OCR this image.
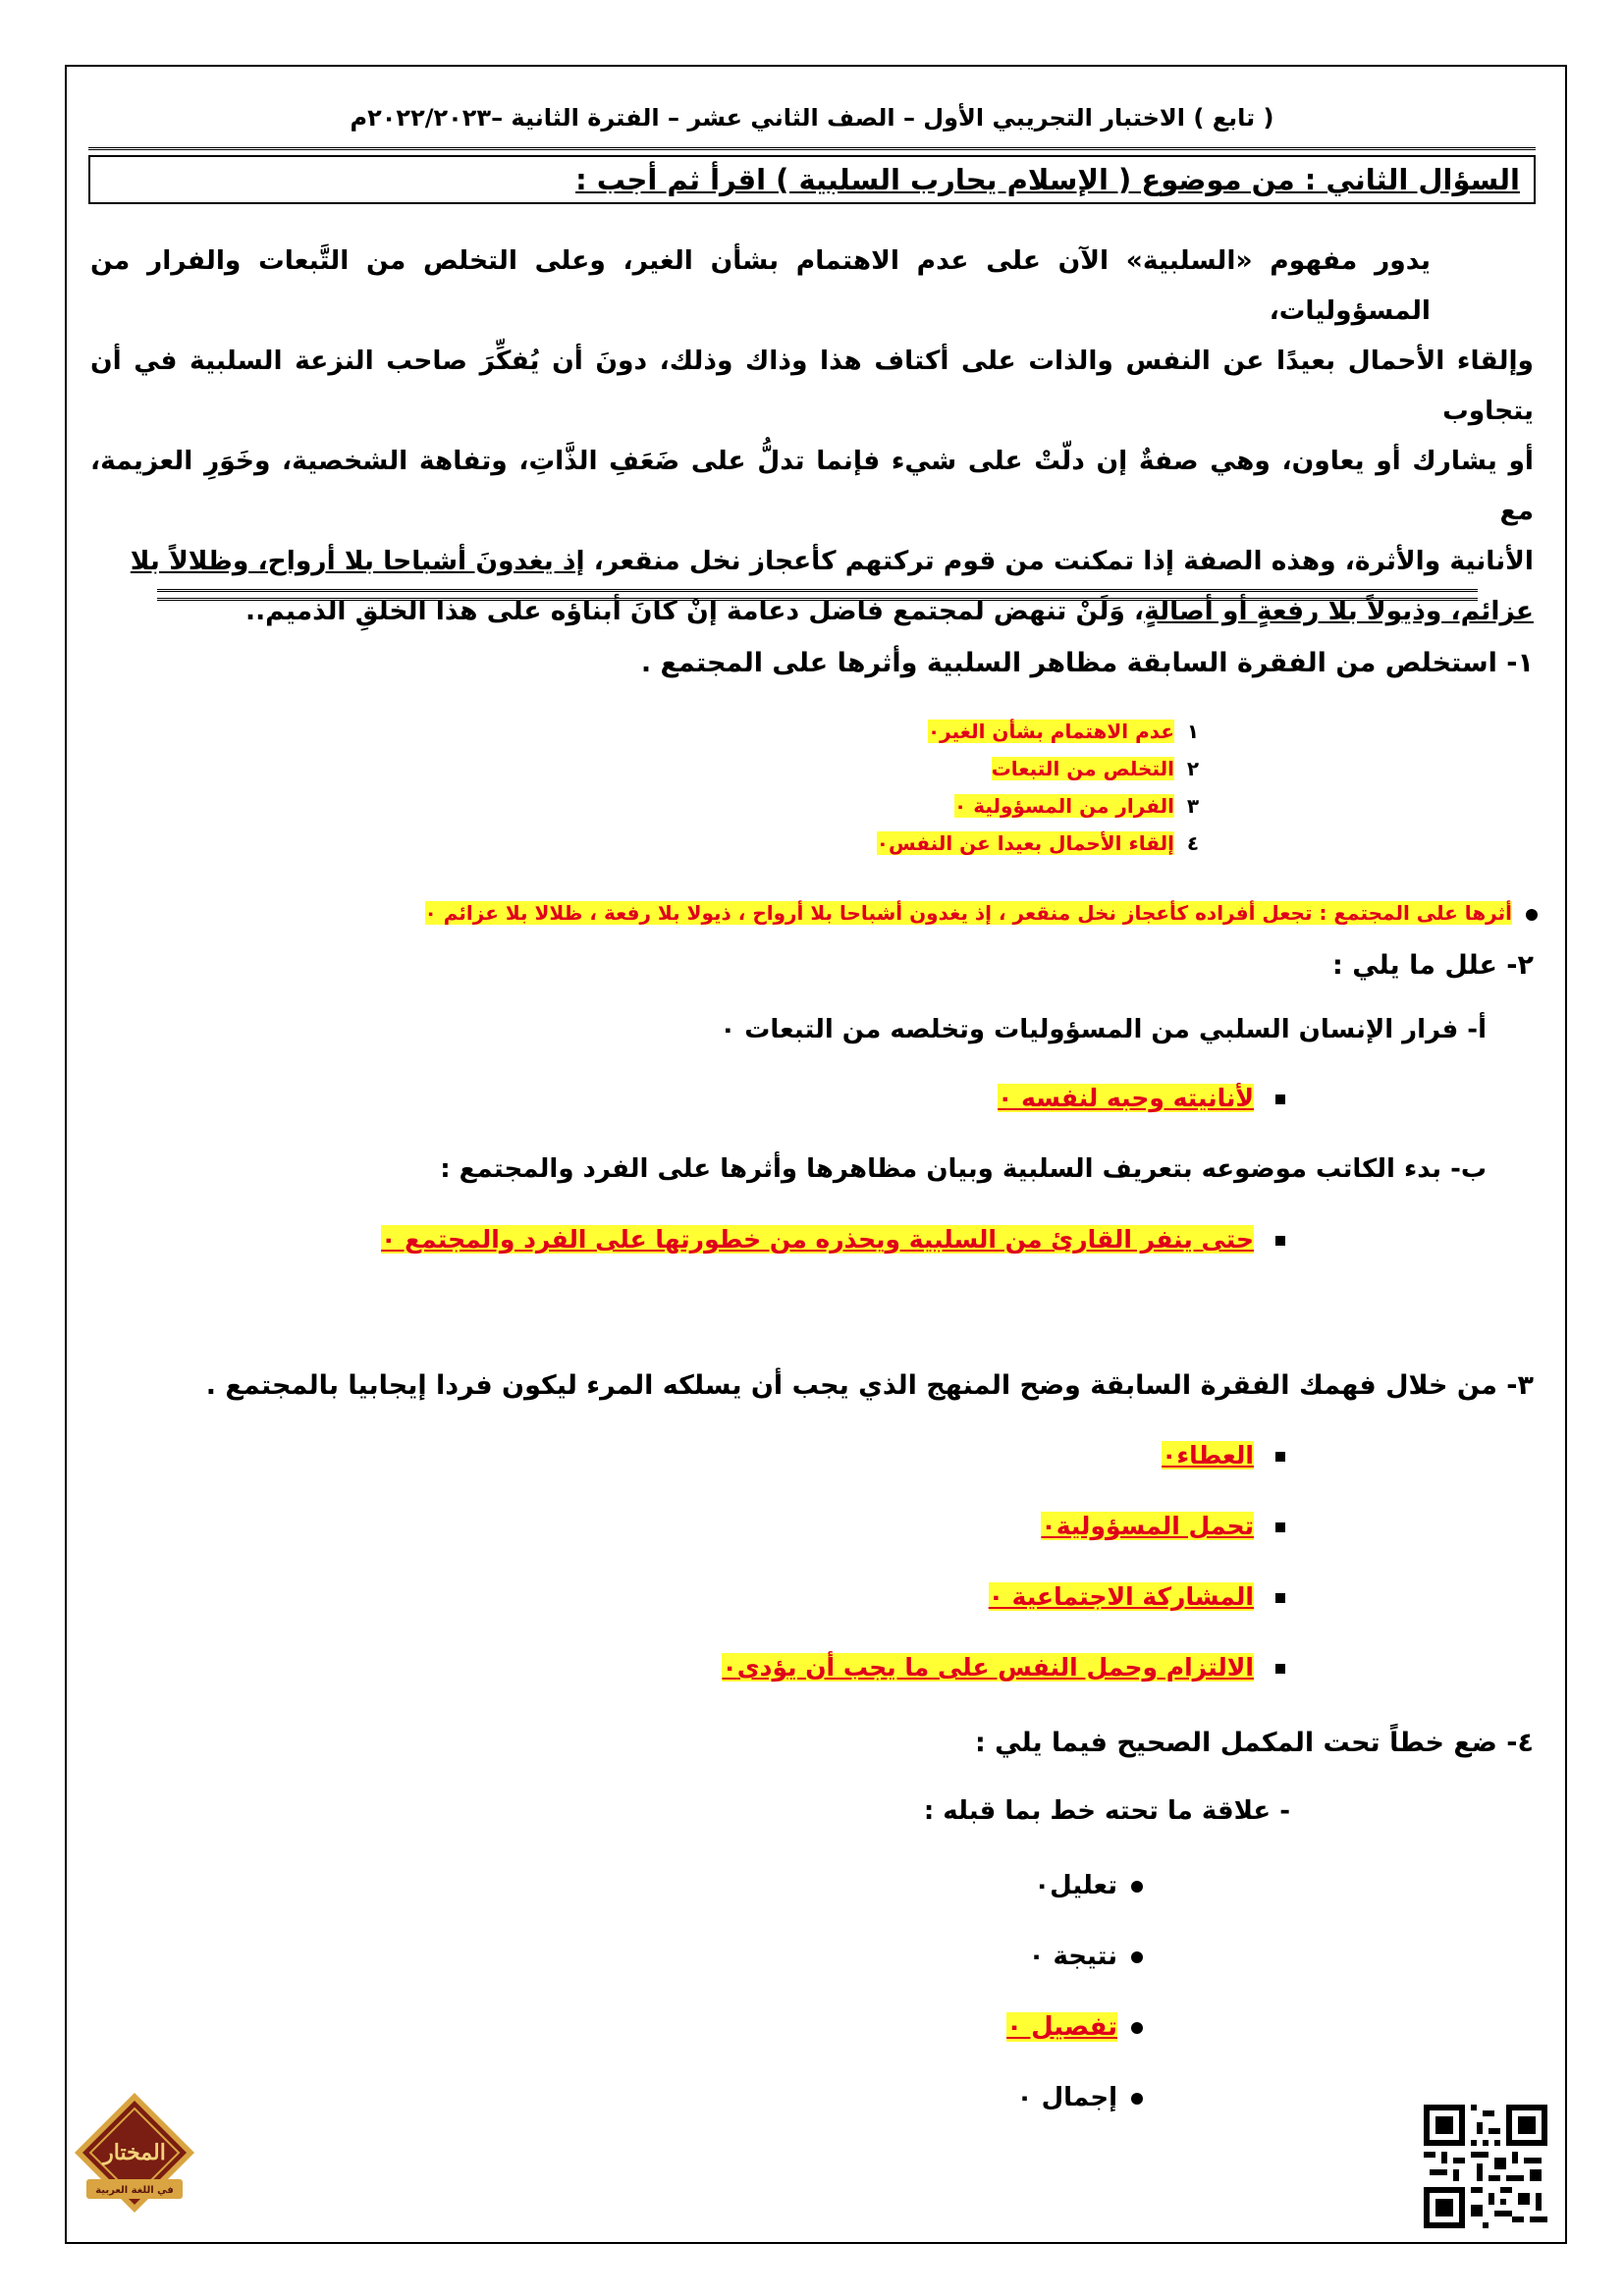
( تابع ) الاختبار التجريبي الأول – الصف الثاني عشر – الفترة الثانية –٢٠٢٢/٢٠٢٣م
السؤال الثاني : من موضوع ( الإسلام يحارب السلبية ) اقرأ ثم أجب :
يدور مفهوم «السلبية» الآن على عدم الاهتمام بشأن الغير، وعلى التخلص من التَّبعات والفرار من المسؤوليات،
وإلقاء الأحمال بعيدًا عن النفس والذات على أكتاف هذا وذاك وذلك، دونَ أن يُفكِّرَ صاحب النزعة السلبية في أن يتجاوب
أو يشارك أو يعاون، وهي صفةٌ إن دلّتْ على شيء فإنما تدلُّ على ضَعَفِ الذَّاتِ، وتفاهة الشخصية، وخَوَرِ العزيمة، مع
الأنانية والأثرة، وهذه الصفة إذا تمكنت من قوم تركتهم كأعجاز نخل منقعر، إذ يغدونَ أشباحا بلا أرواح، وظلالاً بلا
عزائم، وذيولاً بلا رفعةٍ أو أصالةٍ، وَلَنْ تنهض لمجتمع فاضل دعامة إنْ كانَ أبناؤه على هذا الخلقِ الذميم..
١- استخلص من الفقرة السابقة مظاهر السلبية وأثرها على المجتمع .
١عدم الاهتمام بشأن الغير٠
٢التخلص من التبعات
٣الفرار من المسؤولية ٠
٤إلقاء الأحمال بعيدا عن النفس٠
أثرها على المجتمع : تجعل أفراده كأعجاز نخل منقعر ، إذ يغدون أشباحا بلا أرواح ، ذيولا بلا رفعة ، ظلالا بلا عزائم ٠
٢- علل ما يلي :
أ- فرار الإنسان السلبي من المسؤوليات وتخلصه من التبعات ٠
لأنانيته وحبه لنفسه ٠
ب- بدء الكاتب موضوعه بتعريف السلبية وبيان مظاهرها وأثرها على الفرد والمجتمع :
حتى ينفر القارئ من السلبية ويحذره من خطورتها على الفرد والمجتمع ٠
٣- من خلال فهمك الفقرة السابقة وضح المنهج الذي يجب أن يسلكه المرء ليكون فردا إيجابيا بالمجتمع .
العطاء٠
تحمل المسؤولية٠
المشاركة الاجتماعية ٠
الالتزام وحمل النفس على ما يجب أن يؤدى٠
٤- ضع خطاً تحت المكمل الصحيح فيما يلي :
- علاقة ما تحته خط بما قبله :
تعليل٠
نتيجة ٠
تفصيل ٠
إجمال ٠
المختار
في اللغة العربية
